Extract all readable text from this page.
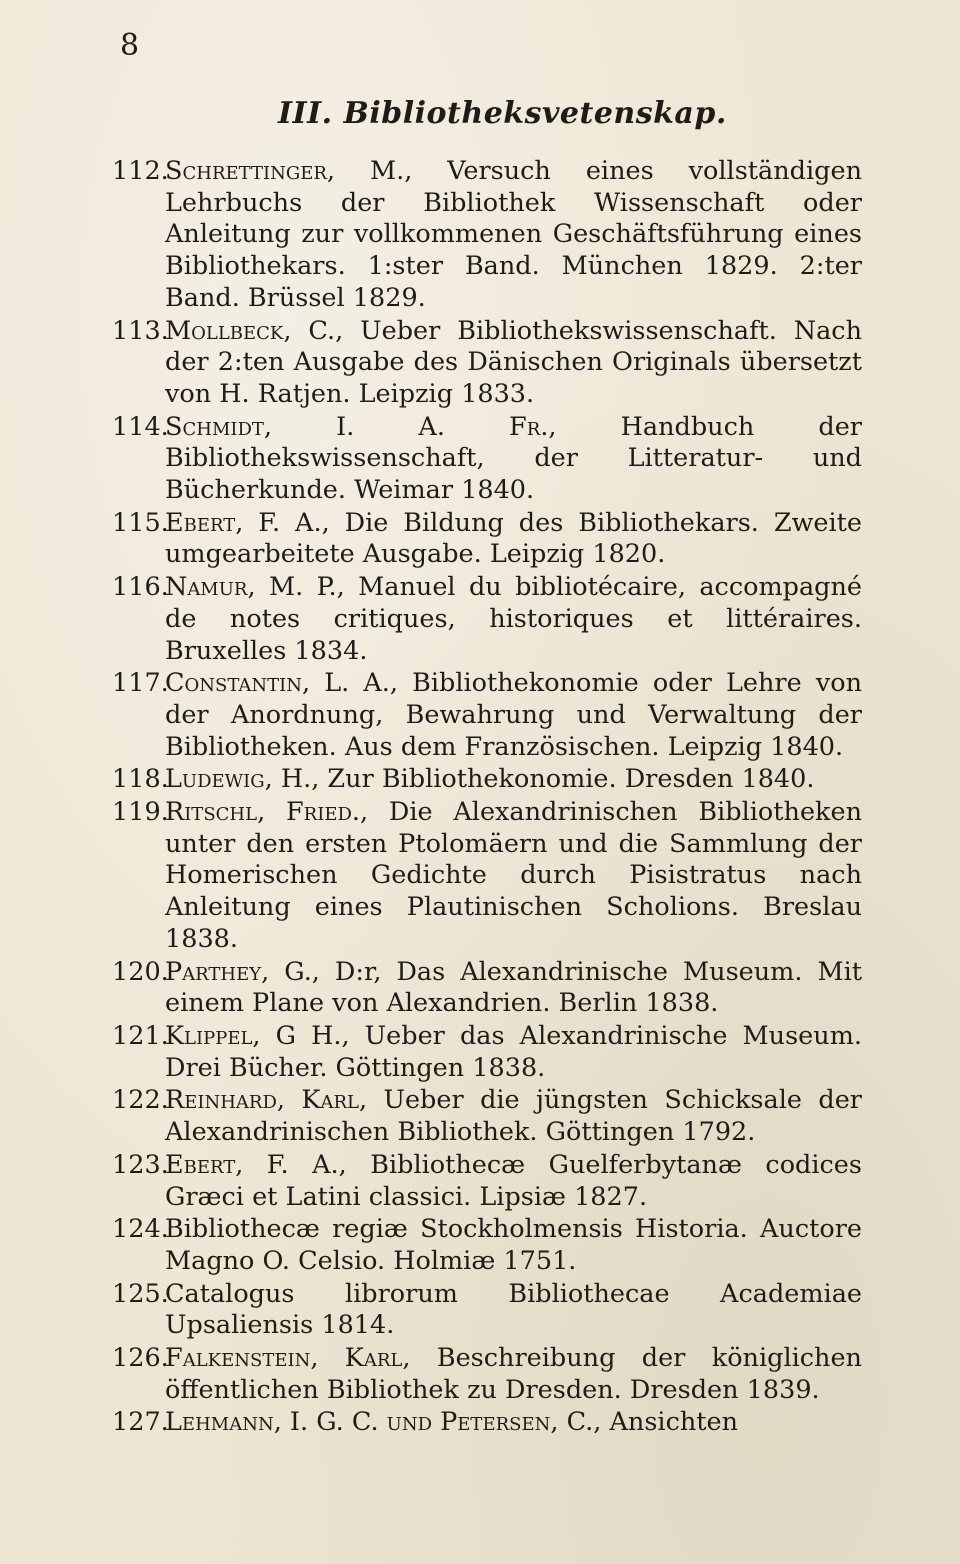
8
III. Bibliotheksvetenskap.
112.
Schrettinger, M., Versuch eines vollständigen Lehrbuchs der Bibliothek Wissenschaft oder Anleitung zur vollkommenen Geschäftsführung eines Bibliothekars. 1:ster Band. München 1829. 2:ter Band. Brüssel 1829.
113.
Mollbeck, C., Ueber Bibliothekswissenschaft. Nach der 2:ten Ausgabe des Dänischen Originals übersetzt von H. Ratjen. Leipzig 1833.
114.
Schmidt, I. A. Fr., Handbuch der Bibliothekswissenschaft, der Litteratur- und Bücherkunde. Weimar 1840.
115.
Ebert, F. A., Die Bildung des Bibliothekars. Zweite umgearbeitete Ausgabe. Leipzig 1820.
116.
Namur, M. P., Manuel du bibliotécaire, accompagné de notes critiques, historiques et littéraires. Bruxelles 1834.
117.
Constantin, L. A., Bibliothekonomie oder Lehre von der Anordnung, Bewahrung und Verwaltung der Bibliotheken. Aus dem Französischen. Leipzig 1840.
118.
Ludewig, H., Zur Bibliothekonomie. Dresden 1840.
119.
Ritschl, Fried., Die Alexandrinischen Bibliotheken unter den ersten Ptolomäern und die Sammlung der Homerischen Gedichte durch Pisistratus nach Anleitung eines Plautinischen Scholions. Breslau 1838.
120.
Parthey, G., D:r, Das Alexandrinische Museum. Mit einem Plane von Alexandrien. Berlin 1838.
121.
Klippel, G H., Ueber das Alexandrinische Museum. Drei Bücher. Göttingen 1838.
122.
Reinhard, Karl, Ueber die jüngsten Schicksale der Alexandrinischen Bibliothek. Göttingen 1792.
123.
Ebert, F. A., Bibliothecæ Guelferbytanæ codices Græci et Latini classici. Lipsiæ 1827.
124.
Bibliothecæ regiæ Stockholmensis Historia. Auctore Magno O. Celsio. Holmiæ 1751.
125.
Catalogus librorum Bibliothecae Academiae Upsaliensis 1814.
126.
Falkenstein, Karl, Beschreibung der königlichen öffentlichen Bibliothek zu Dresden. Dresden 1839.
127.
Lehmann, I. G. C. und Petersen, C., Ansichten
